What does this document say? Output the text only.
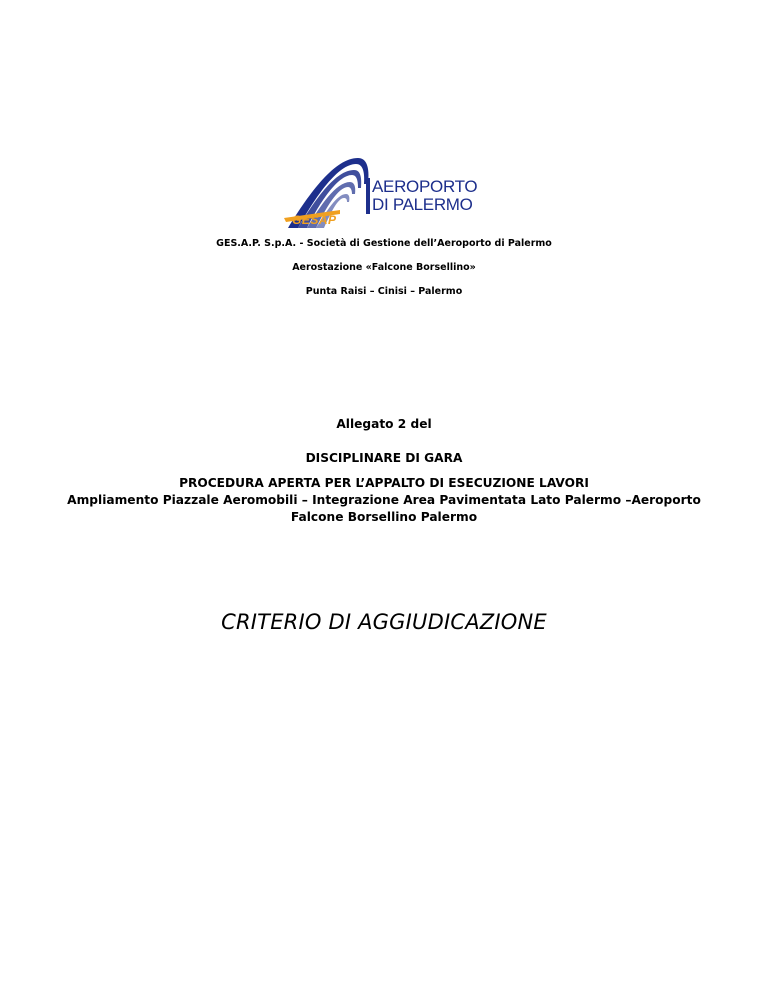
AEROPORTO
DI PALERMO
GESAP
GES.A.P. S.p.A. - Società di Gestione dell’Aeroporto di Palermo
Aerostazione «Falcone Borsellino»
Punta Raisi – Cinisi – Palermo
Allegato 2 del
DISCIPLINARE DI GARA
PROCEDURA APERTA PER L’APPALTO DI ESECUZIONE LAVORI
Ampliamento Piazzale Aeromobili – Integrazione Area Pavimentata Lato Palermo –Aeroporto
Falcone Borsellino Palermo
CRITERIO DI AGGIUDICAZIONE
